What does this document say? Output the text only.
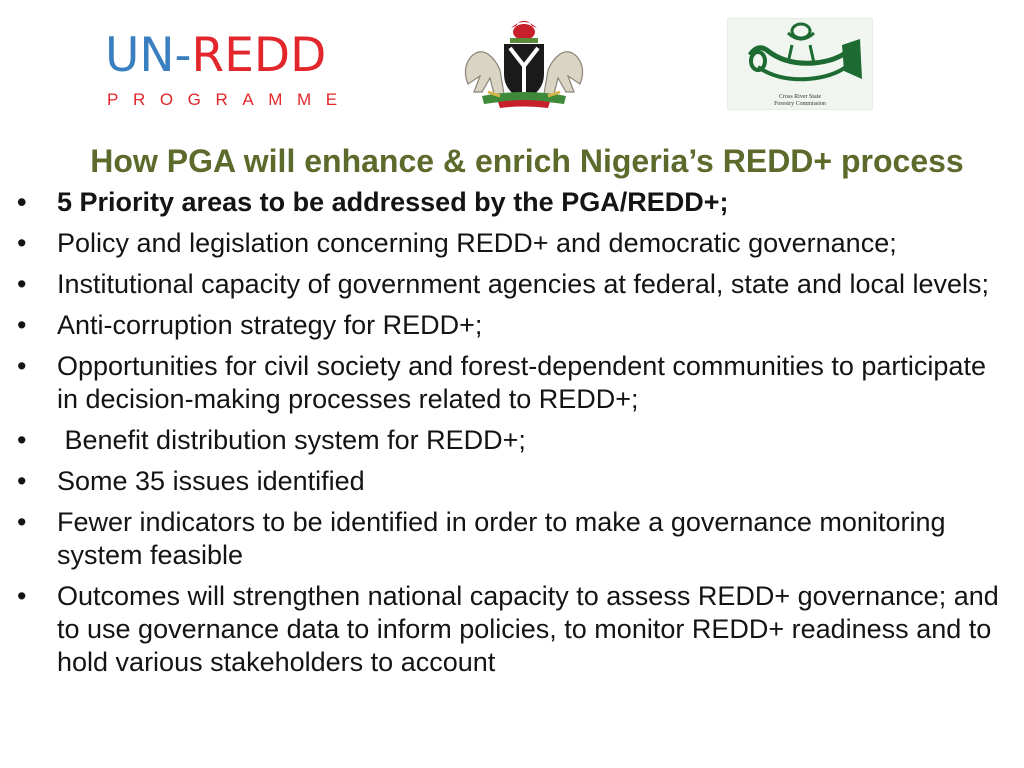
UN-REDD
PROGRAMME	Cross River State
Forestry Commission
How PGA will enhance & enrich Nigeria’s REDD+ process
• 5 Priority areas to be addressed by the PGA/REDD+;
• Policy and legislation concerning REDD+ and democratic governance;
• Institutional capacity of government agencies at federal, state and local levels;
• Anti-corruption strategy for REDD+;
• Opportunities for civil society and forest-dependent communities to participate in decision-making processes related to REDD+;
•  Benefit distribution system for REDD+;
• Some 35 issues identified
• Fewer indicators to be identified in order to make a governance monitoring system feasible
• Outcomes will strengthen national capacity to assess REDD+ governance; and to use governance data to inform policies, to monitor REDD+ readiness and to hold various stakeholders to account
